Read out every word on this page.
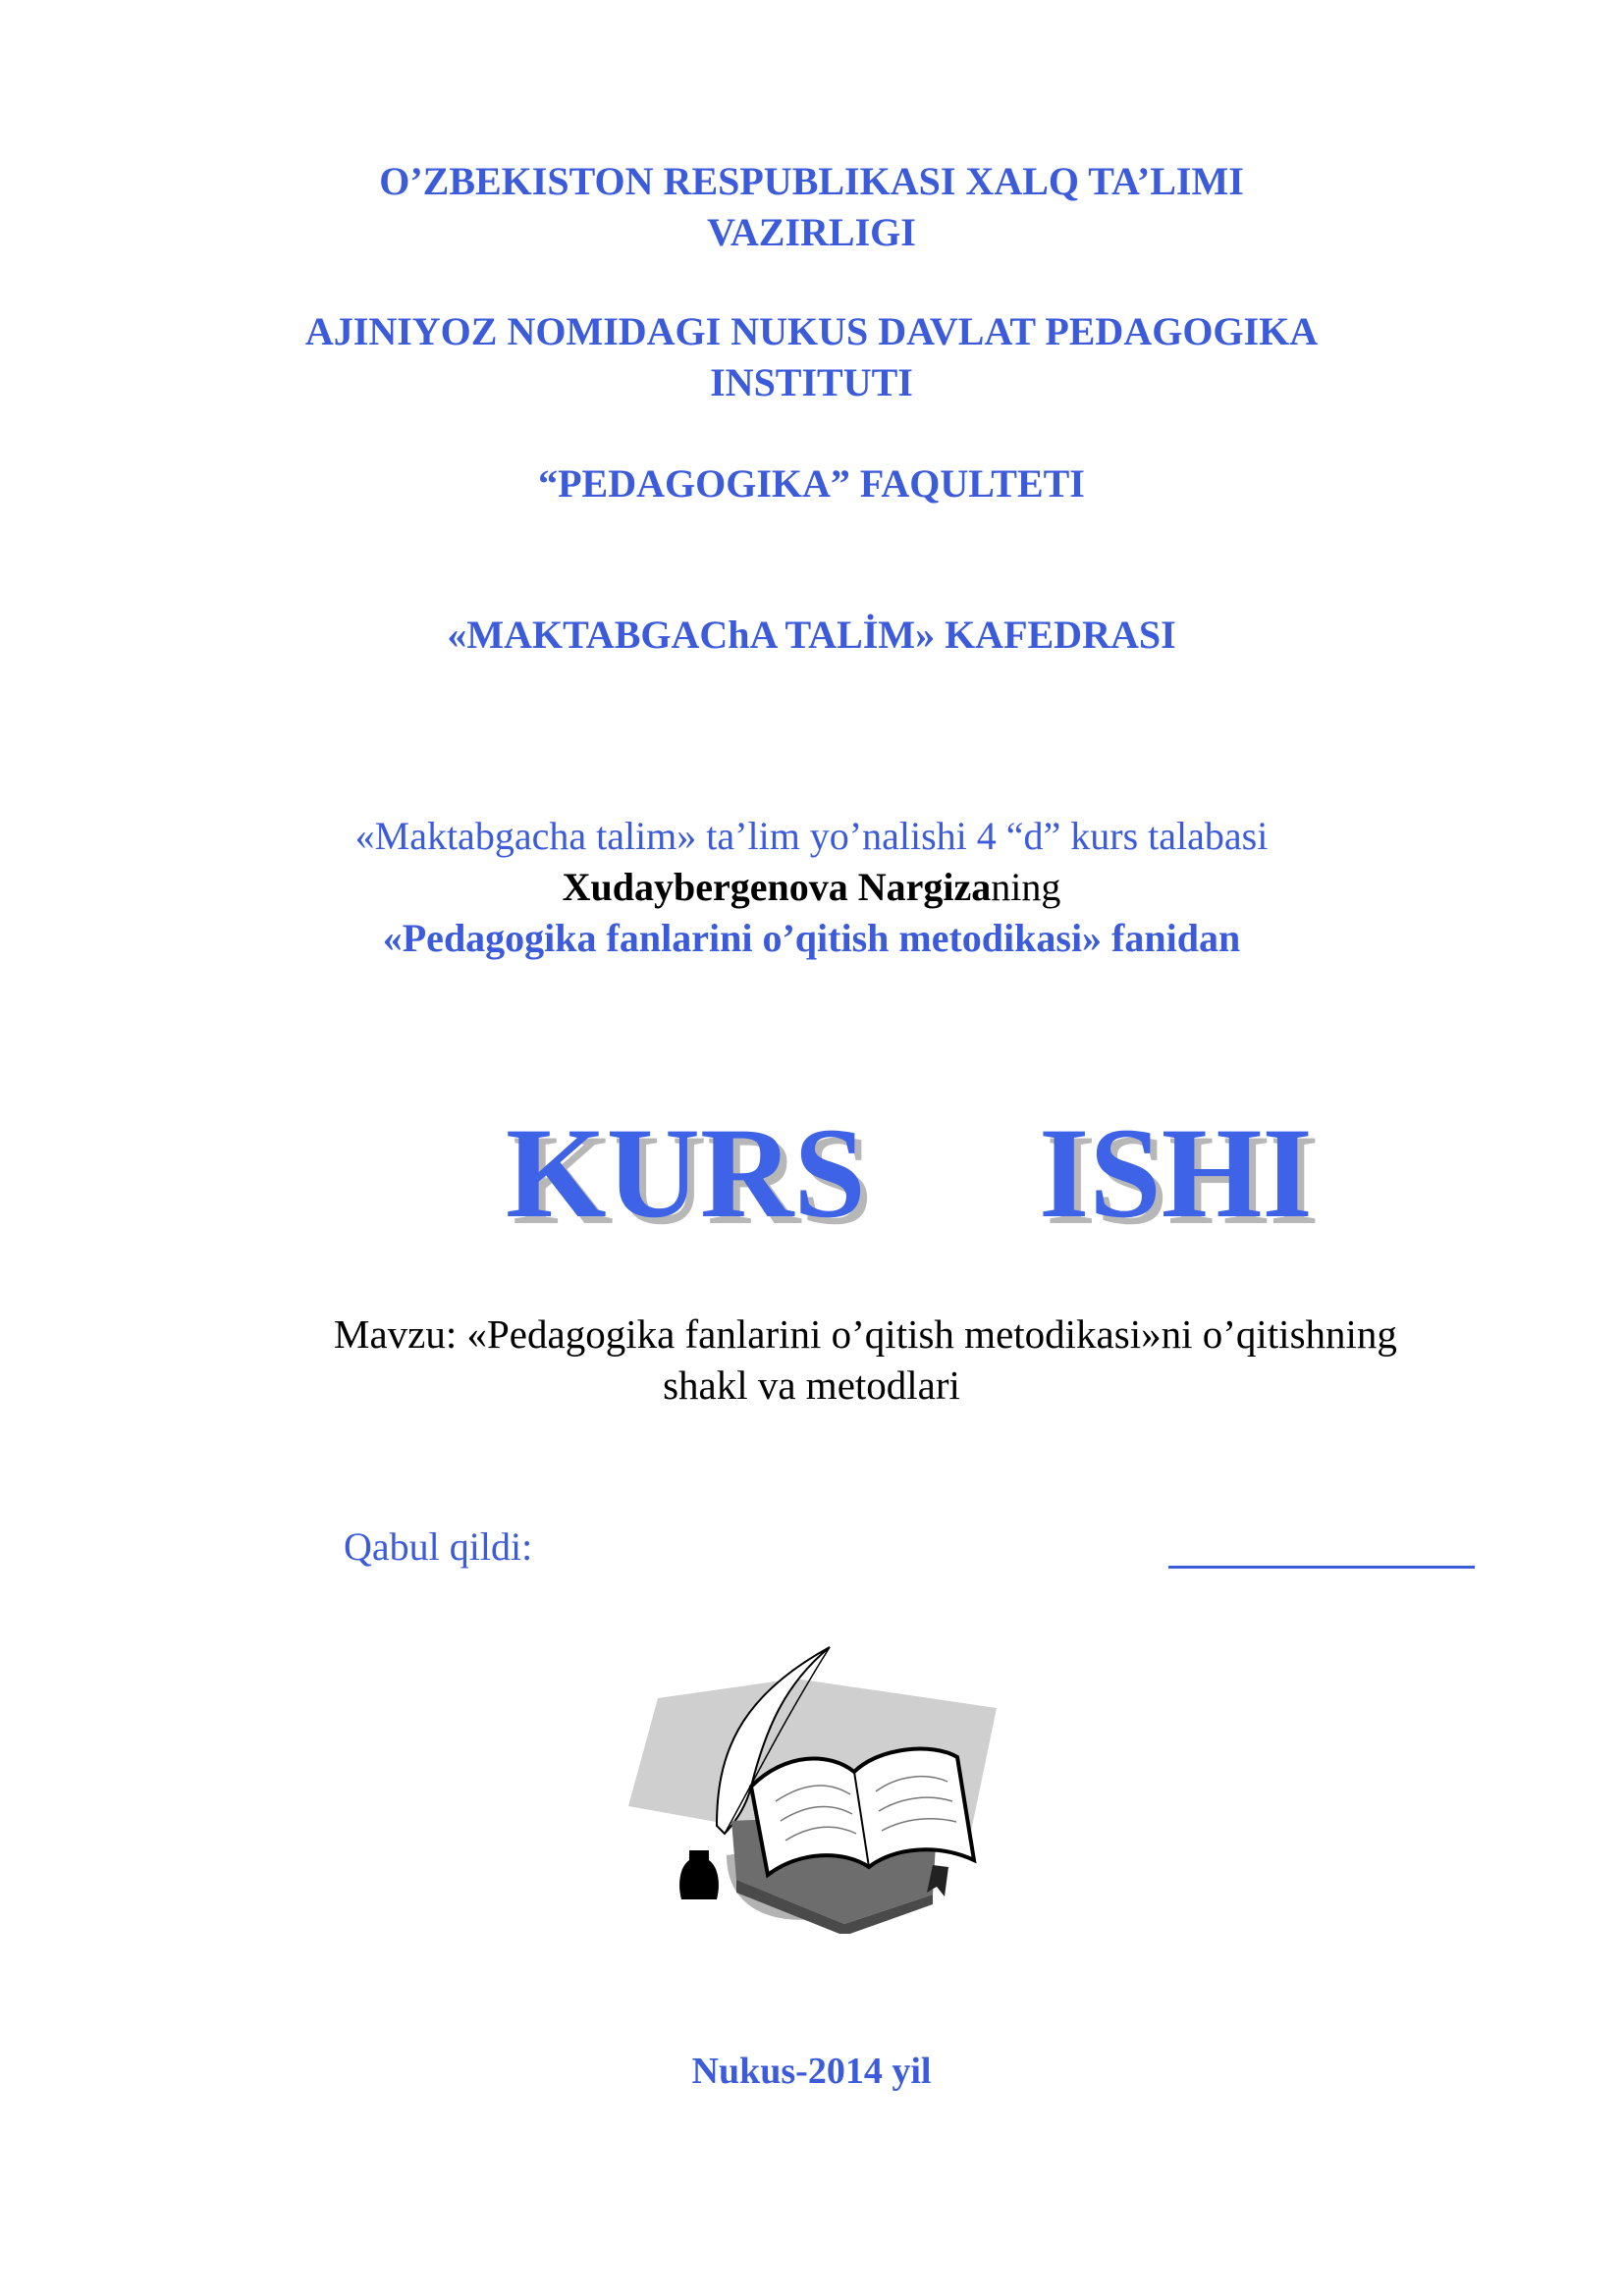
O’ZBEKISTON RESPUBLIKASI XALQ TA’LIMI
VAZIRLIGI
AJINIYOZ NOMIDAGI NUKUS DAVLAT PEDAGOGIKA
INSTITUTI
“PEDAGOGIKA” FAQULTETI
«MAKTABGAChA TALİM» KAFEDRASI
«Maktabgacha talim» ta’lim yo’nalishi 4 “d” kurs talabasi
Xudaybergenova Nargizaning
«Pedagogika fanlarini o’qitish metodikasi» fanidan
KURS ISHI
Mavzu: «Pedagogika fanlarini o’qitish metodikasi»ni o’qitishning
shakl va metodlari
Qabul qildi:
Nukus-2014 yil
